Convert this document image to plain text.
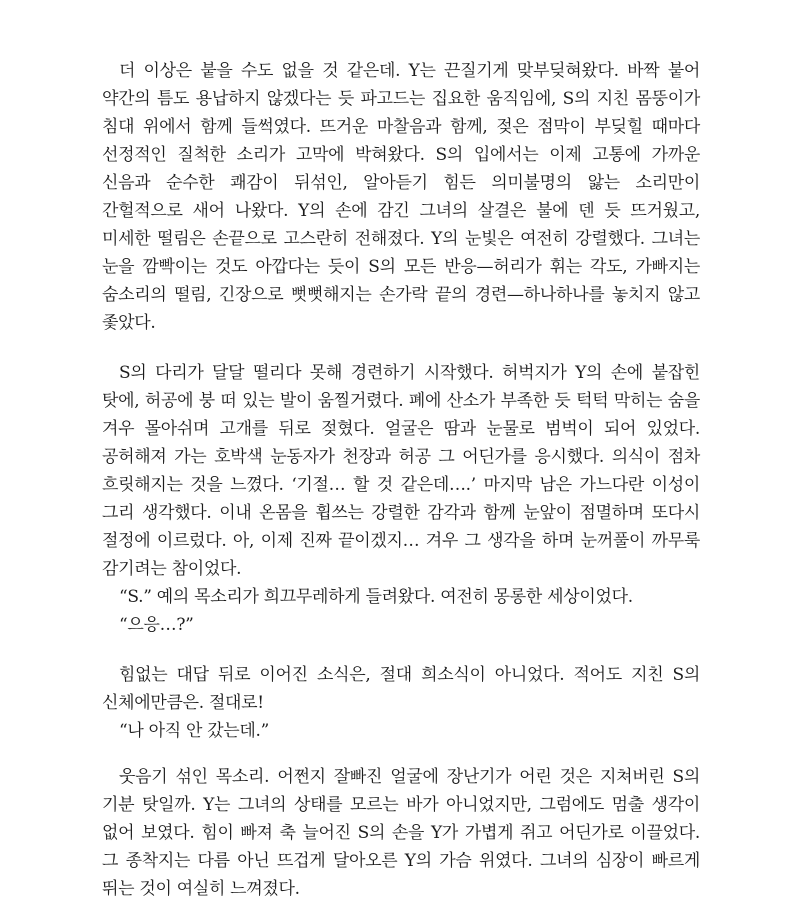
더 이상은 붙을 수도 없을 것 같은데. Y는 끈질기게 맞부딪혀왔다. 바짝 붙어 약간의 틈도 용납하지 않겠다는 듯 파고드는 집요한 움직임에, S의 지친 몸뚱이가 침대 위에서 함께 들썩였다. 뜨거운 마찰음과 함께, 젖은 점막이 부딪힐 때마다 선정적인 질척한 소리가 고막에 박혀왔다. S의 입에서는 이제 고통에 가까운 신음과 순수한 쾌감이 뒤섞인, 알아듣기 힘든 의미불명의 앓는 소리만이 간헐적으로 새어 나왔다. Y의 손에 감긴 그녀의 살결은 불에 덴 듯 뜨거웠고, 미세한 떨림은 손끝으로 고스란히 전해졌다. Y의 눈빛은 여전히 강렬했다. 그녀는 눈을 깜빡이는 것도 아깝다는 듯이 S의 모든 반응—허리가 휘는 각도, 가빠지는 숨소리의 떨림, 긴장으로 뻣뻣해지는 손가락 끝의 경련—하나하나를 놓치지 않고 좇았다.

S의 다리가 달달 떨리다 못해 경련하기 시작했다. 허벅지가 Y의 손에 붙잡힌 탓에, 허공에 붕 떠 있는 발이 움찔거렸다. 폐에 산소가 부족한 듯 턱턱 막히는 숨을 겨우 몰아쉬며 고개를 뒤로 젖혔다. 얼굴은 땀과 눈물로 범벅이 되어 있었다. 공허해져 가는 호박색 눈동자가 천장과 허공 그 어딘가를 응시했다. 의식이 점차 흐릿해지는 것을 느꼈다. ‘기절… 할 것 같은데….’ 마지막 남은 가느다란 이성이 그리 생각했다. 이내 온몸을 휩쓰는 강렬한 감각과 함께 눈앞이 점멸하며 또다시 절정에 이르렀다. 아, 이제 진짜 끝이겠지… 겨우 그 생각을 하며 눈꺼풀이 까무룩 감기려는 참이었다.

“S.” 예의 목소리가 희끄무레하게 들려왔다. 여전히 몽롱한 세상이었다.

“으응…?”

힘없는 대답 뒤로 이어진 소식은, 절대 희소식이 아니었다. 적어도 지친 S의 신체에만큼은. 절대로!

“나 아직 안 갔는데.”

웃음기 섞인 목소리. 어쩐지 잘빠진 얼굴에 장난기가 어린 것은 지쳐버린 S의 기분 탓일까. Y는 그녀의 상태를 모르는 바가 아니었지만, 그럼에도 멈출 생각이 없어 보였다. 힘이 빠져 축 늘어진 S의 손을 Y가 가볍게 쥐고 어딘가로 이끌었다. 그 종착지는 다름 아닌 뜨겁게 달아오른 Y의 가슴 위였다. 그녀의 심장이 빠르게 뛰는 것이 여실히 느껴졌다.
